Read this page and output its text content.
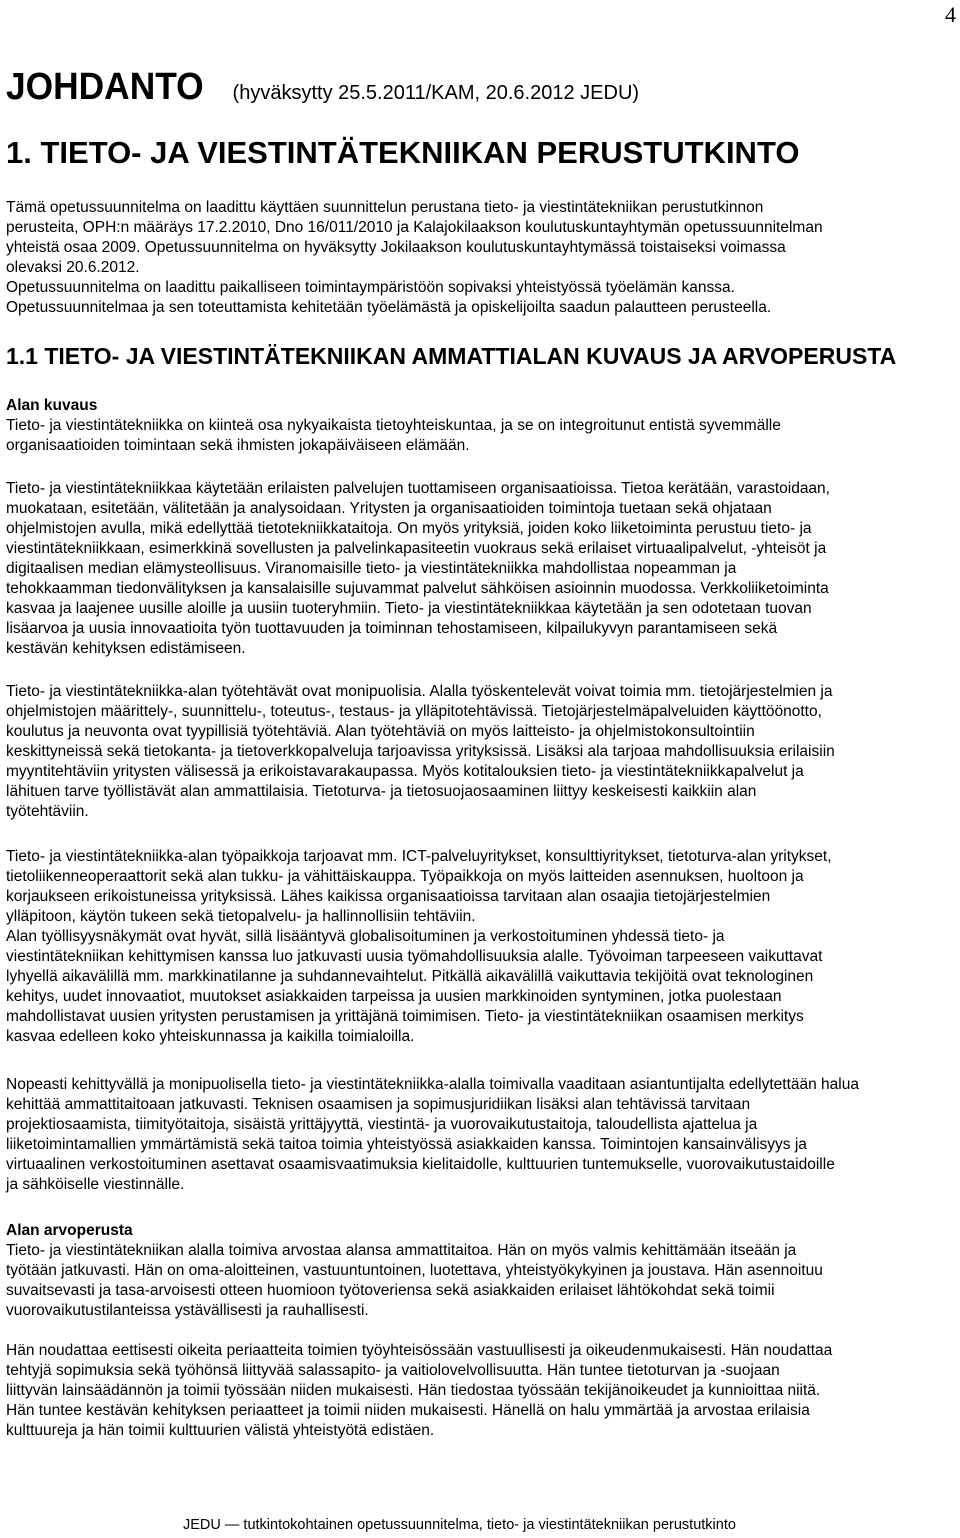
4
JOHDANTO (hyväksytty 25.5.2011/KAM, 20.6.2012 JEDU)
1. TIETO- JA VIESTINTÄTEKNIIKAN PERUSTUTKINTO
Tämä opetussuunnitelma on laadittu käyttäen suunnittelun perustana tieto- ja viestintätekniikan perustutkinnon
perusteita, OPH:n määräys 17.2.2010, Dno 16/011/2010 ja Kalajokilaakson koulutuskuntayhtymän opetussuunnitelman
yhteistä osaa 2009. Opetussuunnitelma on hyväksytty Jokilaakson koulutuskuntayhtymässä toistaiseksi voimassa
olevaksi 20.6.2012.
Opetussuunnitelma on laadittu paikalliseen toimintaympäristöön sopivaksi yhteistyössä työelämän kanssa.
Opetussuunnitelmaa ja sen toteuttamista kehitetään työelämästä ja opiskelijoilta saadun palautteen perusteella.
1.1 TIETO- JA VIESTINTÄTEKNIIKAN AMMATTIALAN KUVAUS JA ARVOPERUSTA
Alan kuvaus
Tieto- ja viestintätekniikka on kiinteä osa nykyaikaista tietoyhteiskuntaa, ja se on integroitunut entistä syvemmälle
organisaatioiden toimintaan sekä ihmisten jokapäiväiseen elämään.
Tieto- ja viestintätekniikkaa käytetään erilaisten palvelujen tuottamiseen organisaatioissa. Tietoa kerätään, varastoidaan,
muokataan, esitetään, välitetään ja analysoidaan. Yritysten ja organisaatioiden toimintoja tuetaan sekä ohjataan
ohjelmistojen avulla, mikä edellyttää tietotekniikkataitoja. On myös yrityksiä, joiden koko liiketoiminta perustuu tieto- ja
viestintätekniikkaan, esimerkkinä sovellusten ja palvelinkapasiteetin vuokraus sekä erilaiset virtuaalipalvelut, -yhteisöt ja
digitaalisen median elämysteollisuus. Viranomaisille tieto- ja viestintätekniikka mahdollistaa nopeamman ja
tehokkaamman tiedonvälityksen ja kansalaisille sujuvammat palvelut sähköisen asioinnin muodossa. Verkkoliiketoiminta
kasvaa ja laajenee uusille aloille ja uusiin tuoteryhmiin. Tieto- ja viestintätekniikkaa käytetään ja sen odotetaan tuovan
lisäarvoa ja uusia innovaatioita työn tuottavuuden ja toiminnan tehostamiseen, kilpailukyvyn parantamiseen sekä
kestävän kehityksen edistämiseen.
Tieto- ja viestintätekniikka-alan työtehtävät ovat monipuolisia. Alalla työskentelevät voivat toimia mm. tietojärjestelmien ja
ohjelmistojen määrittely-, suunnittelu-, toteutus-, testaus- ja ylläpitotehtävissä. Tietojärjestelmäpalveluiden käyttöönotto,
koulutus ja neuvonta ovat tyypillisiä työtehtäviä. Alan työtehtäviä on myös laitteisto- ja ohjelmistokonsultointiin
keskittyneissä sekä tietokanta- ja tietoverkkopalveluja tarjoavissa yrityksissä. Lisäksi ala tarjoaa mahdollisuuksia erilaisiin
myyntitehtäviin yritysten välisessä ja erikoistavarakaupassa. Myös kotitalouksien tieto- ja viestintätekniikkapalvelut ja
lähituen tarve työllistävät alan ammattilaisia. Tietoturva- ja tietosuojaosaaminen liittyy keskeisesti kaikkiin alan
työtehtäviin.
Tieto- ja viestintätekniikka-alan työpaikkoja tarjoavat mm. ICT-palveluyritykset, konsulttiyritykset, tietoturva-alan yritykset,
tietoliikenneoperaattorit sekä alan tukku- ja vähittäiskauppa. Työpaikkoja on myös laitteiden asennuksen, huoltoon ja
korjaukseen erikoistuneissa yrityksissä. Lähes kaikissa organisaatioissa tarvitaan alan osaajia tietojärjestelmien
ylläpitoon, käytön tukeen sekä tietopalvelu- ja hallinnollisiin tehtäviin.
Alan työllisyysnäkymät ovat hyvät, sillä lisääntyvä globalisoituminen ja verkostoituminen yhdessä tieto- ja
viestintätekniikan kehittymisen kanssa luo jatkuvasti uusia työmahdollisuuksia alalle. Työvoiman tarpeeseen vaikuttavat
lyhyellä aikavälillä mm. markkinatilanne ja suhdannevaihtelut. Pitkällä aikavälillä vaikuttavia tekijöitä ovat teknologinen
kehitys, uudet innovaatiot, muutokset asiakkaiden tarpeissa ja uusien markkinoiden syntyminen, jotka puolestaan
mahdollistavat uusien yritysten perustamisen ja yrittäjänä toimimisen. Tieto- ja viestintätekniikan osaamisen merkitys
kasvaa edelleen koko yhteiskunnassa ja kaikilla toimialoilla.
Nopeasti kehittyvällä ja monipuolisella tieto- ja viestintätekniikka-alalla toimivalla vaaditaan asiantuntijalta edellytettään halua
kehittää ammattitaitoaan jatkuvasti. Teknisen osaamisen ja sopimusjuridiikan lisäksi alan tehtävissä tarvitaan
projektiosaamista, tiimityötaitoja, sisäistä yrittäjyyttä, viestintä- ja vuorovaikutustaitoja, taloudellista ajattelua ja
liiketoimintamallien ymmärtämistä sekä taitoa toimia yhteistyössä asiakkaiden kanssa. Toimintojen kansainvälisyys ja
virtuaalinen verkostoituminen asettavat osaamisvaatimuksia kielitaidolle, kulttuurien tuntemukselle, vuorovaikutustaidoille
ja sähköiselle viestinnälle.
Alan arvoperusta
Tieto- ja viestintätekniikan alalla toimiva arvostaa alansa ammattitaitoa. Hän on myös valmis kehittämään itseään ja
työtään jatkuvasti. Hän on oma-aloitteinen, vastuuntuntoinen, luotettava, yhteistyökykyinen ja joustava. Hän asennoituu
suvaitsevasti ja tasa-arvoisesti otteen huomioon työtoveriensa sekä asiakkaiden erilaiset lähtökohdat sekä toimii
vuorovaikutustilanteissa ystävällisesti ja rauhallisesti.
Hän noudattaa eettisesti oikeita periaatteita toimien työyhteisössään vastuullisesti ja oikeudenmukaisesti. Hän noudattaa
tehtyjä sopimuksia sekä työhönsä liittyvää salassapito- ja vaitiolovelvollisuutta. Hän tuntee tietoturvan ja -suojaan
liittyvän lainsäädännön ja toimii työssään niiden mukaisesti. Hän tiedostaa työssään tekijänoikeudet ja kunnioittaa niitä.
Hän tuntee kestävän kehityksen periaatteet ja toimii niiden mukaisesti. Hänellä on halu ymmärtää ja arvostaa erilaisia
kulttuureja ja hän toimii kulttuurien välistä yhteistyötä edistäen.
JEDU — tutkintokohtainen opetussuunnitelma, tieto- ja viestintätekniikan perustutkinto
